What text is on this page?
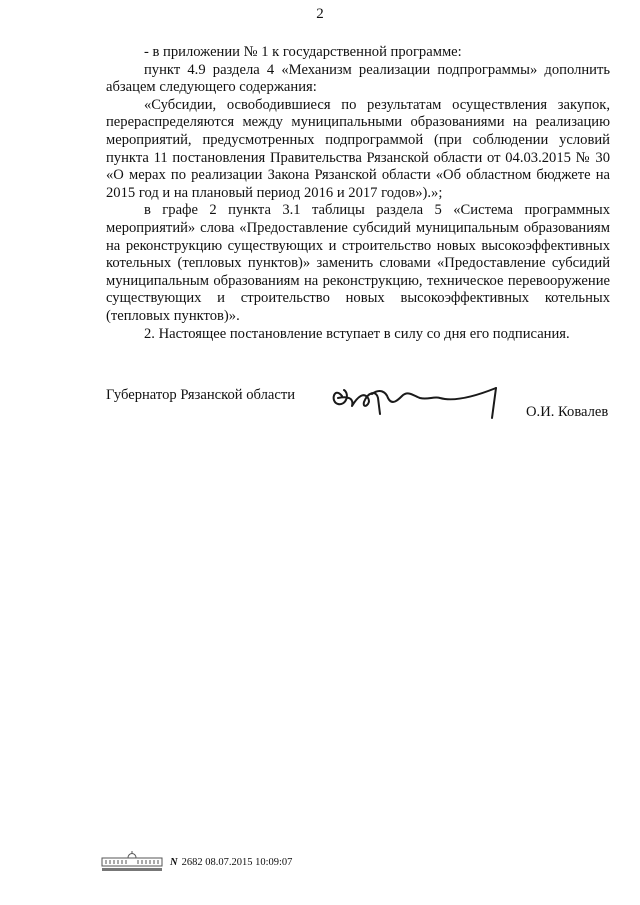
2

- в приложении № 1 к государственной программе:

пункт 4.9 раздела 4 «Механизм реализации подпрограммы» дополнить абзацем следующего содержания:

«Субсидии, освободившиеся по результатам осуществления закупок, перераспределяются между муниципальными образованиями на реализацию мероприятий, предусмотренных подпрограммой (при соблюдении условий пункта 11 постановления Правительства Рязанской области от 04.03.2015 № 30 «О мерах по реализации Закона Рязанской области «Об областном бюджете на 2015 год и на плановый период 2016 и 2017 годов»).»;

в графе 2 пункта 3.1 таблицы раздела 5 «Система программных мероприятий» слова «Предоставление субсидий муниципальным образованиям на реконструкцию существующих и строительство новых высокоэффективных котельных (тепловых пунктов)» заменить словами «Предоставление субсидий муниципальным образованиям на реконструкцию, техническое перевооружение существующих и строительство новых высокоэффективных котельных (тепловых пунктов)».

2. Настоящее постановление вступает в силу со дня его подписания.

Губернатор Рязанской области
О.И. Ковалев
N 2682 08.07.2015 10:09:07
